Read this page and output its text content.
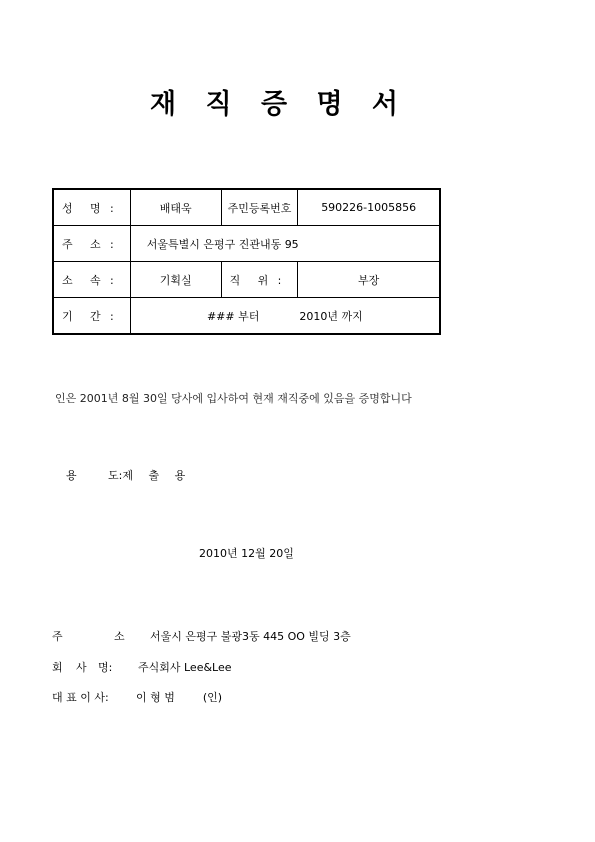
재 직 증 명 서
성 명 :	배태욱	주민등록번호	590226-1005856
주 소 :	서울특별시 은평구 진관내동 95		
소 속 :	기획실	직 위 :	부장
기 간 :	### 부터 2010년 까지		
인은 2001년 8월 30일 당사에 입사하여 현재 재직중에 있음을 증명합니다
용	도:제 출 용
2010년 12월 20일
주	소 서울시 은평구 불광3동 445 OO 빌딩 3층
회 사 명: 주식회사 Lee&Lee
대 표 이 사: 이 형 범	(인)
